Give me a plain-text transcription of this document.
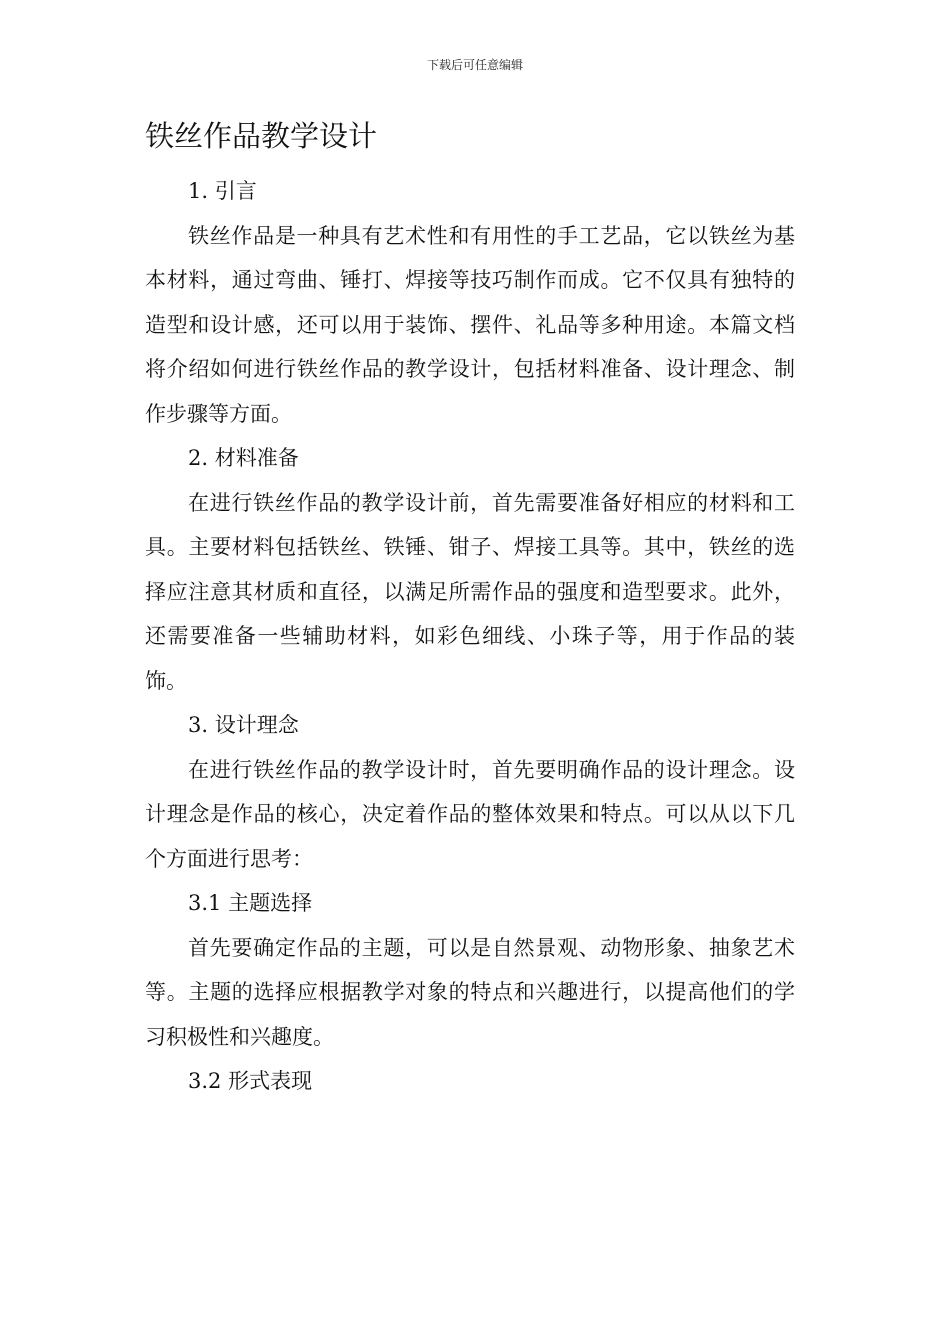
下载后可任意编辑
铁丝作品教学设计

1. 引言

铁丝作品是一种具有艺术性和有用性的手工艺品，它以铁丝为基本材料，通过弯曲、锤打、焊接等技巧制作而成。它不仅具有独特的造型和设计感，还可以用于装饰、摆件、礼品等多种用途。本篇文档将介绍如何进行铁丝作品的教学设计，包括材料准备、设计理念、制作步骤等方面。

2. 材料准备

在进行铁丝作品的教学设计前，首先需要准备好相应的材料和工具。主要材料包括铁丝、铁锤、钳子、焊接工具等。其中，铁丝的选择应注意其材质和直径，以满足所需作品的强度和造型要求。此外，还需要准备一些辅助材料，如彩色细线、小珠子等，用于作品的装饰。

3. 设计理念

在进行铁丝作品的教学设计时，首先要明确作品的设计理念。设计理念是作品的核心，决定着作品的整体效果和特点。可以从以下几个方面进行思考：

3.1 主题选择

首先要确定作品的主题，可以是自然景观、动物形象、抽象艺术等。主题的选择应根据教学对象的特点和兴趣进行，以提高他们的学习积极性和兴趣度。

3.2 形式表现
